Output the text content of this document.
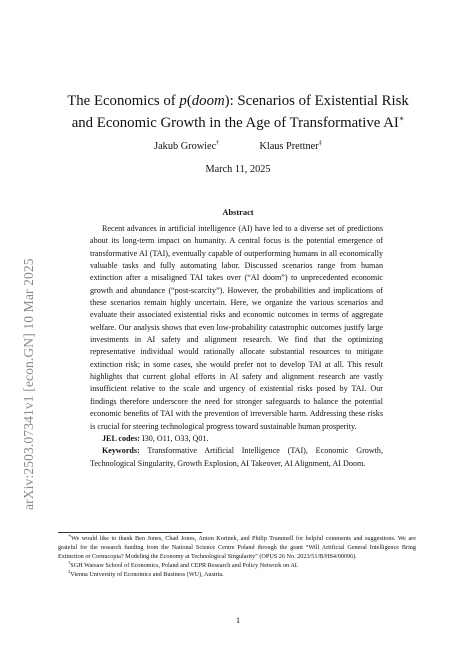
arXiv:2503.07341v1 [econ.GN] 10 Mar 2025
The Economics of p(doom): Scenarios of Existential Risk and Economic Growth in the Age of Transformative AI∗
Jakub Growiec†	Klaus Prettner‡
March 11, 2025
Abstract

Recent advances in artificial intelligence (AI) have led to a diverse set of predictions about its long-term impact on humanity. A central focus is the potential emergence of transformative AI (TAI), eventually capable of outperforming humans in all economically valuable tasks and fully automating labor. Discussed scenarios range from human extinction after a misaligned TAI takes over (“AI doom”) to unprecedented economic growth and abundance (“post-scarcity”). However, the probabilities and implications of these scenarios remain highly uncertain. Here, we organize the various scenarios and evaluate their associated existential risks and economic outcomes in terms of aggregate welfare. Our analysis shows that even low-probability catastrophic outcomes justify large investments in AI safety and alignment research. We find that the optimizing representative individual would rationally allocate substantial resources to mitigate extinction risk; in some cases, she would prefer not to develop TAI at all. This result highlights that current global efforts in AI safety and alignment research are vastly insufficient relative to the scale and urgency of existential risks posed by TAI. Our findings therefore underscore the need for stronger safeguards to balance the potential economic benefits of TAI with the prevention of irreversible harm. Addressing these risks is crucial for steering technological progress toward sustainable human prosperity.

JEL codes: I30, O11, O33, Q01.

Keywords: Transformative Artificial Intelligence (TAI), Economic Growth, Technological Singularity, Growth Explosion, AI Takeover, AI Alignment, AI Doom.

∗We would like to thank Ben Jones, Chad Jones, Anton Korinek, and Philip Trammell for helpful comments and suggestions. We are grateful for the research funding from the National Science Centre Poland through the grant “Will Artificial General Intelligence Bring Extinction or Cornucopia? Modeling the Economy at Technological Singularity” (OPUS 26 No. 2023/51/B/HS4/00096).

†SGH Warsaw School of Economics, Poland and CEPR Research and Policy Network on AI.

‡Vienna University of Economics and Business (WU), Austria.

1
